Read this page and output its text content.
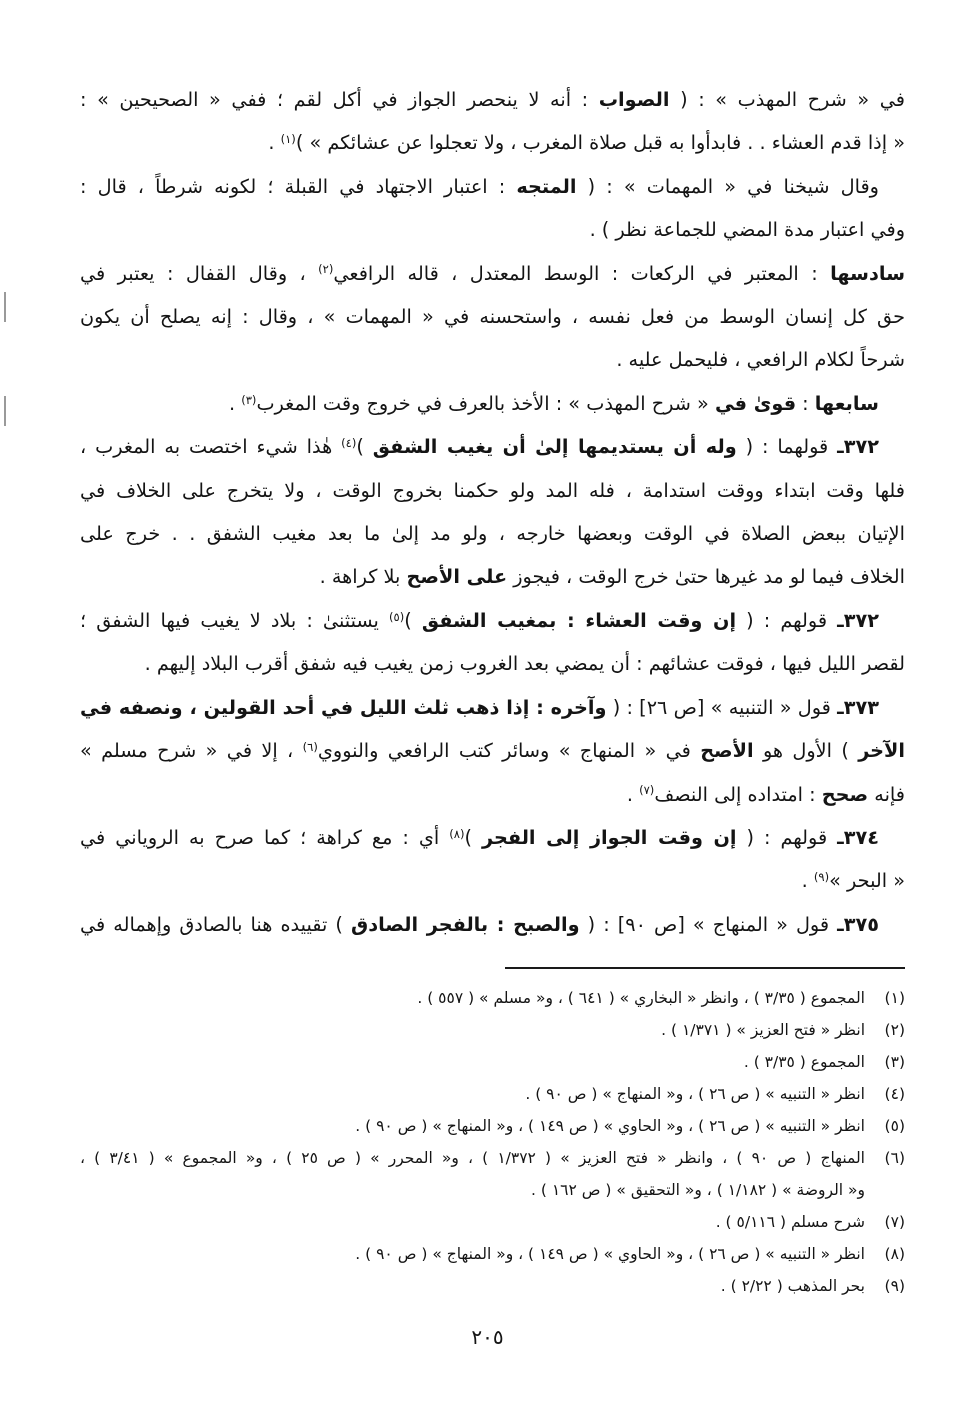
في « شرح المهذب » : ( الصواب : أنه لا ينحصر الجواز في أكل لقم ؛ ففي « الصحيحين » :
« إذا قدم العشاء . . فابدأوا به قبل صلاة المغرب ، ولا تعجلوا عن عشائكم » )$^{(١)}$ .
وقال شيخنا في « المهمات » : ( المتجه : اعتبار الاجتهاد في القبلة ؛ لكونه شرطاً ، قال :
وفي اعتبار مدة المضي للجماعة نظر ) .
سادسها : المعتبر في الركعات : الوسط المعتدل ، قاله الرافعي$^{(٢)}$ ، وقال القفال : يعتبر في
حق كل إنسان الوسط من فعل نفسه ، واستحسنه في « المهمات » ، وقال : إنه يصلح أن يكون
شرحاً لكلام الرافعي ، فليحمل عليه .
سابعها : قوىٰ في « شرح المهذب » : الأخذ بالعرف في خروج وقت المغرب$^{(٣)}$ .
٣٧٢ـ قولهما : ( وله أن يستديمها إلىٰ أن يغيب الشفق )$^{(٤)}$ هٰذا شيء اختصت به المغرب ،
فلها وقت ابتداء ووقت استدامة ، فله المد ولو حكمنا بخروج الوقت ، ولا يتخرج على الخلاف في
الإتيان ببعض الصلاة في الوقت وبعضها خارجه ، ولو مد إلىٰ ما بعد مغيب الشفق . . خرج على
الخلاف فيما لو مد غيرها حتىٰ خرج الوقت ، فيجوز على الأصح بلا كراهة .
٣٧٢ـ قولهم : ( إن وقت العشاء : بمغيب الشفق )$^{(٥)}$ يستثنىٰ : بلاد لا يغيب فيها الشفق ؛
لقصر الليل فيها ، فوقت عشائهم : أن يمضي بعد الغروب زمن يغيب فيه شفق أقرب البلاد إليهم .
٣٧٣ـ قول « التنبيه » [ص ٢٦] : ( وآخره : إذا ذهب ثلث الليل في أحد القولين ، ونصفه في
الآخر ) الأول هو الأصح في « المنهاج » وسائر كتب الرافعي والنووي$^{(٦)}$ ، إلا في « شرح مسلم »
فإنه صحح : امتداده إلى النصف$^{(٧)}$ .
٣٧٤ـ قولهم : ( إن وقت الجواز إلى الفجر )$^{(٨)}$ أي : مع كراهة ؛ كما صرح به الروياني في
« البحر »$^{(٩)}$ .
٣٧٥ـ قول « المنهاج » [ص ٩٠] : ( والصبح : بالفجر الصادق ) تقييده هنا بالصادق وإهماله في
(١)
المجموع ( ٣/٣٥ ) ، وانظر « البخاري » ( ٦٤١ ) ، و« مسلم » ( ٥٥٧ ) .
(٢)
انظر « فتح العزيز » ( ١/٣٧١ ) .
(٣)
المجموع ( ٣/٣٥ ) .
(٤)
انظر « التنبيه » ( ص ٢٦ ) ، و« المنهاج » ( ص ٩٠ ) .
(٥)
انظر « التنبيه » ( ص ٢٦ ) ، و« الحاوي » ( ص ١٤٩ ) ، و« المنهاج » ( ص ٩٠ ) .
(٦)
المنهاج ( ص ٩٠ ) ، وانظر « فتح العزيز » ( ١/٣٧٢ ) ، و« المحرر » ( ص ٢٥ ) ، و« المجموع » ( ٣/٤١ ) ،
و« الروضة » ( ١/١٨٢ ) ، و« التحقيق » ( ص ١٦٢ ) .
(٧)
شرح مسلم ( ٥/١١٦ ) .
(٨)
انظر « التنبيه » ( ص ٢٦ ) ، و« الحاوي » ( ص ١٤٩ ) ، و« المنهاج » ( ص ٩٠ ) .
(٩)
بحر المذهب ( ٢/٢٢ ) .
٢٠٥
